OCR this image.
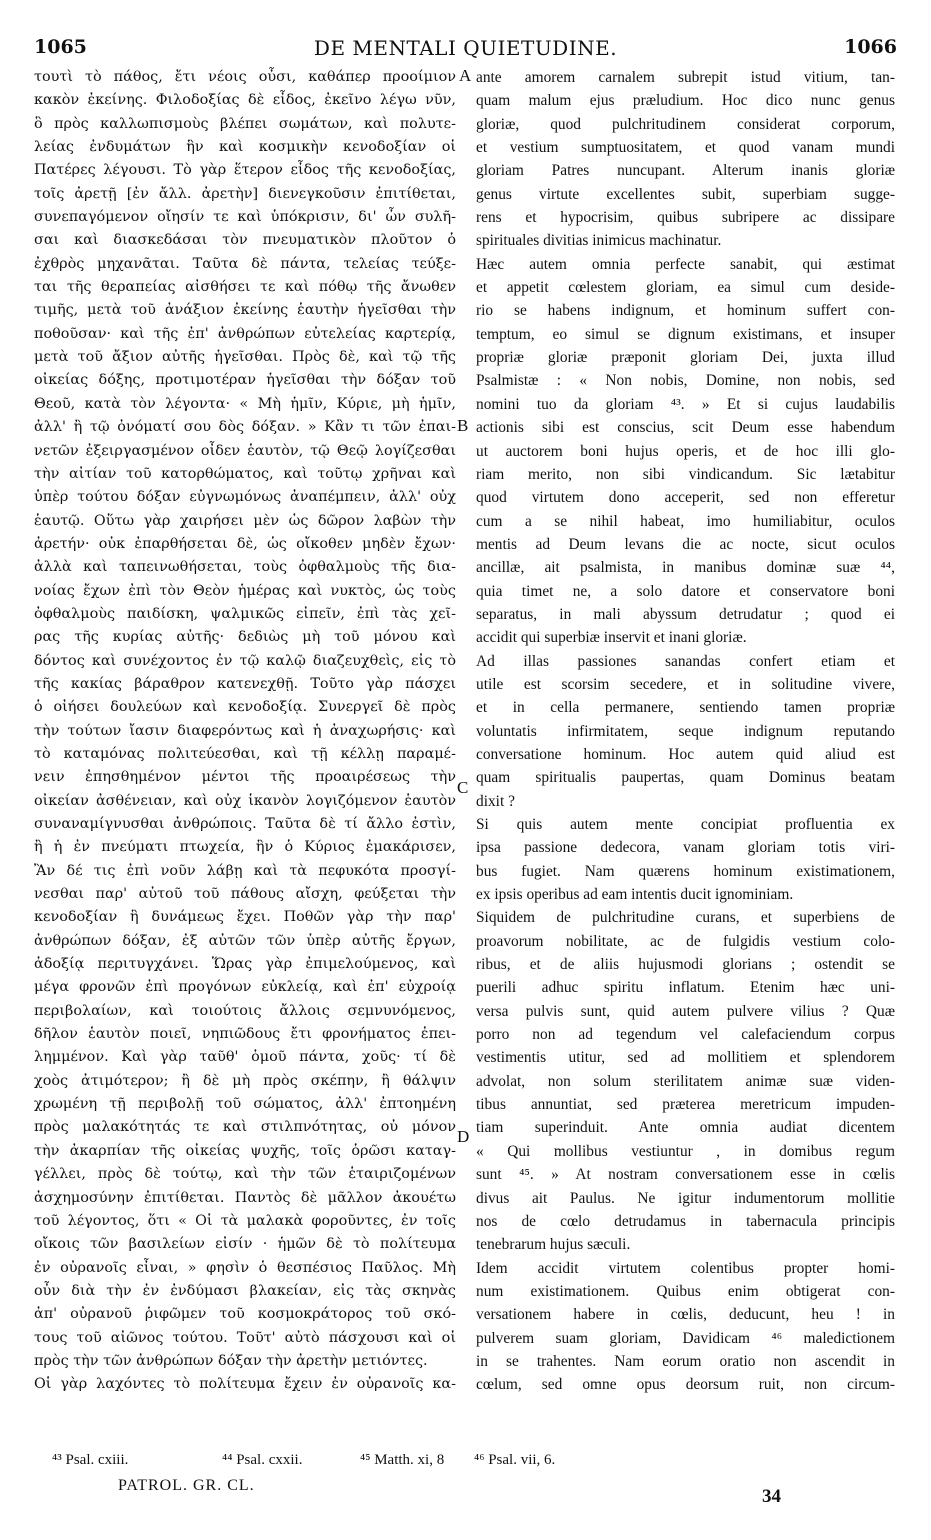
1065	DE MENTALI QUIETUDINE.	1066
τουτὶ τὸ πάθος, ἔτι νέοις οὖσι, καθάπερ προοίμιον
κακὸν ἐκείνης. Φιλοδοξίας δὲ εἶδος, ἐκεῖνο λέγω νῦν,
ὃ πρὸς καλλωπισμοὺς βλέπει σωμάτων, καὶ πολυτε-
λείας ἐνδυμάτων ἣν καὶ κοσμικὴν κενοδοξίαν οἱ
Πατέρες λέγουσι. Τὸ γὰρ ἕτερον εἶδος τῆς κενοδοξίας,
τοῖς ἀρετῇ [ἐν ἄλλ. ἀρετὴν] διενεγκοῦσιν ἐπιτίθεται,
συνεπαγόμενον οἴησίν τε καὶ ὑπόκρισιν, δι' ὧν συλῆ-
σαι καὶ διασκεδάσαι τὸν πνευματικὸν πλοῦτον ὁ
ἐχθρὸς μηχανᾶται. Ταῦτα δὲ πάντα, τελείας τεύξε-
ται τῆς θεραπείας αἰσθήσει τε καὶ πόθῳ τῆς ἄνωθεν
τιμῆς, μετὰ τοῦ ἀνάξιον ἐκείνης ἑαυτὴν ἡγεῖσθαι τὴν
ποθοῦσαν· καὶ τῆς ἐπ' ἀνθρώπων εὐτελείας καρτερίᾳ,
μετὰ τοῦ ἄξιον αὐτῆς ἡγεῖσθαι. Πρὸς δὲ, καὶ τῷ τῆς
οἰκείας δόξης, προτιμοτέραν ἡγεῖσθαι τὴν δόξαν τοῦ
Θεοῦ, κατὰ τὸν λέγοντα· « Μὴ ἡμῖν, Κύριε, μὴ ἡμῖν,
ἀλλ' ἢ τῷ ὀνόματί σου δὸς δόξαν. » Κἂν τι τῶν ἐπαι-
νετῶν ἐξειργασμένον οἶδεν ἑαυτὸν, τῷ Θεῷ λογίζεσθαι
τὴν αἰτίαν τοῦ κατορθώματος, καὶ τοῦτῳ χρῆναι καὶ
ὑπὲρ τούτου δόξαν εὐγνωμόνως ἀναπέμπειν, ἀλλ' οὐχ
ἑαυτῷ. Οὕτω γὰρ χαιρήσει μὲν ὡς δῶρον λαβὼν τὴν
ἀρετήν· οὐκ ἐπαρθήσεται δὲ, ὡς οἴκοθεν μηδὲν ἔχων·
ἀλλὰ καὶ ταπεινωθήσεται, τοὺς ὀφθαλμοὺς τῆς δια-
νοίας ἔχων ἐπὶ τὸν Θεὸν ἡμέρας καὶ νυκτὸς, ὡς τοὺς
ὀφθαλμοὺς παιδίσκη, ψαλμικῶς εἰπεῖν, ἐπὶ τὰς χεῖ-
ρας τῆς κυρίας αὐτῆς· δεδιὼς μὴ τοῦ μόνου καὶ
δόντος καὶ συνέχοντος ἐν τῷ καλῷ διαζευχθεὶς, εἰς τὸ
τῆς κακίας βάραθρον κατενεχθῇ. Τοῦτο γὰρ πάσχει
ὁ οἰήσει δουλεύων καὶ κενοδοξίᾳ. Συνεργεῖ δὲ πρὸς
τὴν τούτων ἴασιν διαφερόντως καὶ ἡ ἀναχωρήσις· καὶ
τὸ καταμόνας πολιτεύεσθαι, καὶ τῇ κέλλῃ παραμέ-
νειν ἐπησθημένον μέντοι τῆς προαιρέσεως τὴν
οἰκείαν ἀσθένειαν, καὶ οὐχ ἱκανὸν λογιζόμενον ἑαυτὸν
συναναμίγνυσθαι ἀνθρώποις. Ταῦτα δὲ τί ἄλλο ἐστὶν,
ἢ ἡ ἐν πνεύματι πτωχεία, ἣν ὁ Κύριος ἐμακάρισεν,
Ἂν δέ τις ἐπὶ νοῦν λάβῃ καὶ τὰ πεφυκότα προσγί-
νεσθαι παρ' αὐτοῦ τοῦ πάθους αἴσχη, φεύξεται τὴν
κενοδοξίαν ἣ δυνάμεως ἔχει. Ποθῶν γὰρ τὴν παρ'
ἀνθρώπων δόξαν, ἐξ αὐτῶν τῶν ὑπὲρ αὐτῆς ἔργων,
ἀδοξίᾳ περιτυγχάνει. Ὥρας γὰρ ἐπιμελούμενος, καὶ
μέγα φρονῶν ἐπὶ προγόνων εὐκλείᾳ, καὶ ἐπ' εὐχροίᾳ
περιβολαίων, καὶ τοιούτοις ἄλλοις σεμνυνόμενος,
δῆλον ἑαυτὸν ποιεῖ, νηπιῶδους ἔτι φρονήματος ἐπει-
λημμένον. Καὶ γὰρ ταῦθ' ὁμοῦ πάντα, χοῦς· τί δὲ
χοὸς ἀτιμότερον; ἢ δὲ μὴ πρὸς σκέπην, ἢ θάλψιν
χρωμένη τῇ περιβολῇ τοῦ σώματος, ἀλλ' ἐπτοημένη
πρὸς μαλακότητάς τε καὶ στιλπνότητας, οὐ μόνον
τὴν ἀκαρπίαν τῆς οἰκείας ψυχῆς, τοῖς ὁρῶσι καταγ-
γέλλει, πρὸς δὲ τούτῳ, καὶ τὴν τῶν ἑταιριζομένων
ἀσχημοσύνην ἐπιτίθεται. Παντὸς δὲ μᾶλλον ἀκουέτω
τοῦ λέγοντος, ὅτι « Οἱ τὰ μαλακὰ φοροῦντες, ἐν τοῖς
οἴκοις τῶν βασιλείων εἰσίν · ἡμῶν δὲ τὸ πολίτευμα
ἐν οὐρανοῖς εἶναι, » φησὶν ὁ θεσπέσιος Παῦλος. Μὴ
οὖν διὰ τὴν ἐν ἐνδύμασι βλακείαν, εἰς τὰς σκηνὰς
ἀπ' οὐρανοῦ ῥιφῶμεν τοῦ κοσμοκράτορος τοῦ σκό-
τους τοῦ αἰῶνος τούτου. Τοῦτ' αὐτὸ πάσχουσι καὶ οἱ
πρὸς τὴν τῶν ἀνθρώπων δόξαν τὴν ἀρετὴν μετιόντες.
Οἱ γὰρ λαχόντες τὸ πολίτευμα ἔχειν ἐν οὐρανοῖς κα-
ante amorem carnalem subrepit istud vitium, tan-
quam malum ejus præludium. Hoc dico nunc genus
gloriæ, quod pulchritudinem considerat corporum,
et vestium sumptuositatem, et quod vanam mundi
gloriam Patres nuncupant. Alterum inanis gloriæ
genus virtute excellentes subit, superbiam sugge-
rens et hypocrisim, quibus subripere ac dissipare
spirituales divitias inimicus machinatur.
Hæc autem omnia perfecte sanabit, qui æstimat
et appetit cœlestem gloriam, ea simul cum deside-
rio se habens indignum, et hominum suffert con-
temptum, eo simul se dignum existimans, et insuper
propriæ gloriæ præponit gloriam Dei, juxta illud
Psalmistæ : « Non nobis, Domine, non nobis, sed
nomini tuo da gloriam ⁴³. » Et si cujus laudabilis
actionis sibi est conscius, scit Deum esse habendum
ut auctorem boni hujus operis, et de hoc illi glo-
riam merito, non sibi vindicandum. Sic lætabitur
quod virtutem dono acceperit, sed non efferetur
cum a se nihil habeat, imo humiliabitur, oculos
mentis ad Deum levans die ac nocte, sicut oculos
ancillæ, ait psalmista, in manibus dominæ suæ ⁴⁴,
quia timet ne, a solo datore et conservatore boni
separatus, in mali abyssum detrudatur ; quod ei
accidit qui superbiæ inservit et inani gloriæ.
Ad illas passiones sanandas confert etiam et
utile est scorsim secedere, et in solitudine vivere,
et in cella permanere, sentiendo tamen propriæ
voluntatis infirmitatem, seque indignum reputando
conversatione hominum. Hoc autem quid aliud est
quam spiritualis paupertas, quam Dominus beatam
dixit ?
Si quis autem mente concipiat profluentia ex
ipsa passione dedecora, vanam gloriam totis viri-
bus fugiet. Nam quærens hominum existimationem,
ex ipsis operibus ad eam intentis ducit ignominiam.
Siquidem de pulchritudine curans, et superbiens de
proavorum nobilitate, ac de fulgidis vestium colo-
ribus, et de aliis hujusmodi glorians ; ostendit se
puerili adhuc spiritu inflatum. Etenim hæc uni-
versa pulvis sunt, quid autem pulvere vilius ? Quæ
porro non ad tegendum vel calefaciendum corpus
vestimentis utitur, sed ad mollitiem et splendorem
advolat, non solum sterilitatem animæ suæ viden-
tibus annuntiat, sed præterea meretricum impuden-
tiam superinduit. Ante omnia audiat dicentem
« Qui mollibus vestiuntur , in domibus regum
sunt ⁴⁵. » At nostram conversationem esse in cœlis
divus ait Paulus. Ne igitur indumentorum mollitie
nos de cœlo detrudamus in tabernacula principis
tenebrarum hujus sæculi.
Idem accidit virtutem colentibus propter homi-
num existimationem. Quibus enim obtigerat con-
versationem habere in cœlis, deducunt, heu ! in
pulverem suam gloriam, Davidicam ⁴⁶ maledictionem
in se trahentes. Nam eorum oratio non ascendit in
cœlum, sed omne opus deorsum ruit, non circum-
A
B
C
D
⁴³ Psal. cxiii.	⁴⁴ Psal. cxxii.	⁴⁵ Matth. xi, 8 ⁴⁶ Psal. vii, 6.
PATROL. GR. CL.
34
